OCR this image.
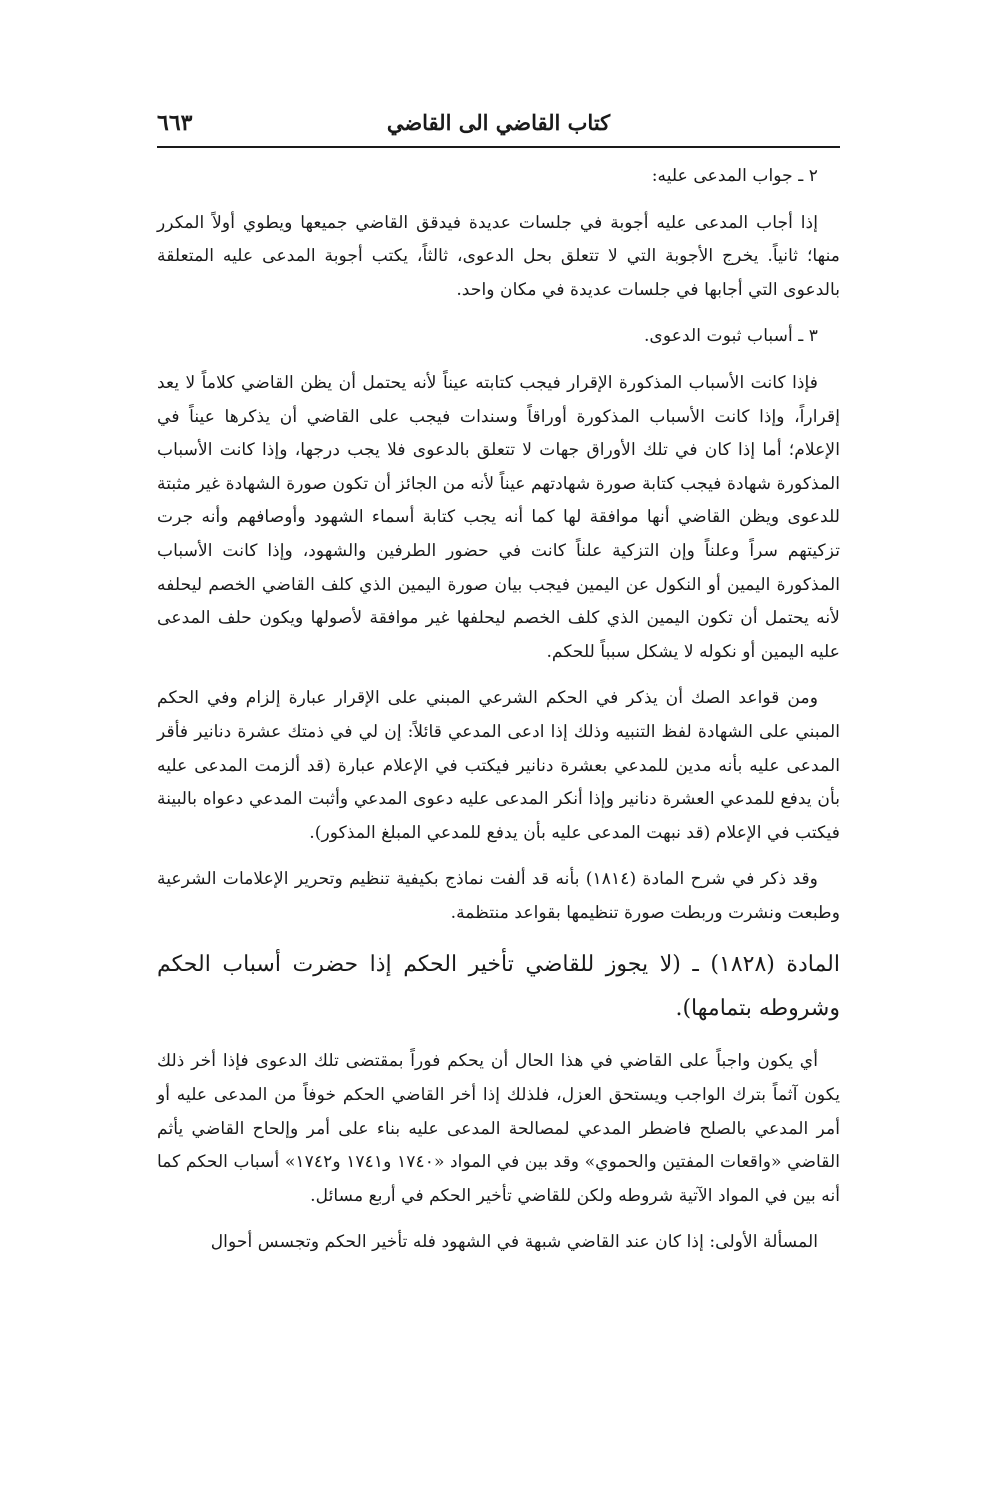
كتاب القاضي الى القاضي
٦٦٣

٢ ـ جواب المدعى عليه:

إذا أجاب المدعى عليه أجوبة في جلسات عديدة فيدقق القاضي جميعها ويطوي أولاً المكرر منها؛ ثانياً. يخرج الأجوبة التي لا تتعلق بحل الدعوى، ثالثاً، يكتب أجوبة المدعى عليه المتعلقة بالدعوى التي أجابها في جلسات عديدة في مكان واحد.

٣ ـ أسباب ثبوت الدعوى.

فإذا كانت الأسباب المذكورة الإقرار فيجب كتابته عيناً لأنه يحتمل أن يظن القاضي كلاماً لا يعد إقراراً، وإذا كانت الأسباب المذكورة أوراقاً وسندات فيجب على القاضي أن يذكرها عيناً في الإعلام؛ أما إذا كان في تلك الأوراق جهات لا تتعلق بالدعوى فلا يجب درجها، وإذا كانت الأسباب المذكورة شهادة فيجب كتابة صورة شهادتهم عيناً لأنه من الجائز أن تكون صورة الشهادة غير مثبتة للدعوى ويظن القاضي أنها موافقة لها كما أنه يجب كتابة أسماء الشهود وأوصافهم وأنه جرت تزكيتهم سراً وعلناً وإن التزكية علناً كانت في حضور الطرفين والشهود، وإذا كانت الأسباب المذكورة اليمين أو النكول عن اليمين فيجب بيان صورة اليمين الذي كلف القاضي الخصم ليحلفه لأنه يحتمل أن تكون اليمين الذي كلف الخصم ليحلفها غير موافقة لأصولها ويكون حلف المدعى عليه اليمين أو نكوله لا يشكل سبباً للحكم.

ومن قواعد الصك أن يذكر في الحكم الشرعي المبني على الإقرار عبارة إلزام وفي الحكم المبني على الشهادة لفظ التنبيه وذلك إذا ادعى المدعي قائلاً: إن لي في ذمتك عشرة دنانير فأقر المدعى عليه بأنه مدين للمدعي بعشرة دنانير فيكتب في الإعلام عبارة (قد ألزمت المدعى عليه بأن يدفع للمدعي العشرة دنانير وإذا أنكر المدعى عليه دعوى المدعي وأثبت المدعي دعواه بالبينة فيكتب في الإعلام (قد نبهت المدعى عليه بأن يدفع للمدعي المبلغ المذكور).

وقد ذكر في شرح المادة (١٨١٤) بأنه قد ألفت نماذج بكيفية تنظيم وتحرير الإعلامات الشرعية وطبعت ونشرت وربطت صورة تنظيمها بقواعد منتظمة.

المادة (١٨٢٨) ـ (لا يجوز للقاضي تأخير الحكم إذا حضرت أسباب الحكم وشروطه بتمامها).

أي يكون واجباً على القاضي في هذا الحال أن يحكم فوراً بمقتضى تلك الدعوى فإذا أخر ذلك يكون آثماً بترك الواجب ويستحق العزل، فلذلك إذا أخر القاضي الحكم خوفاً من المدعى عليه أو أمر المدعي بالصلح فاضطر المدعي لمصالحة المدعى عليه بناء على أمر وإلحاح القاضي يأثم القاضي «واقعات المفتين والحموي» وقد بين في المواد «١٧٤٠ و١٧٤١ و١٧٤٢» أسباب الحكم كما أنه بين في المواد الآتية شروطه ولكن للقاضي تأخير الحكم في أربع مسائل.

المسألة الأولى: إذا كان عند القاضي شبهة في الشهود فله تأخير الحكم وتجسس أحوال
